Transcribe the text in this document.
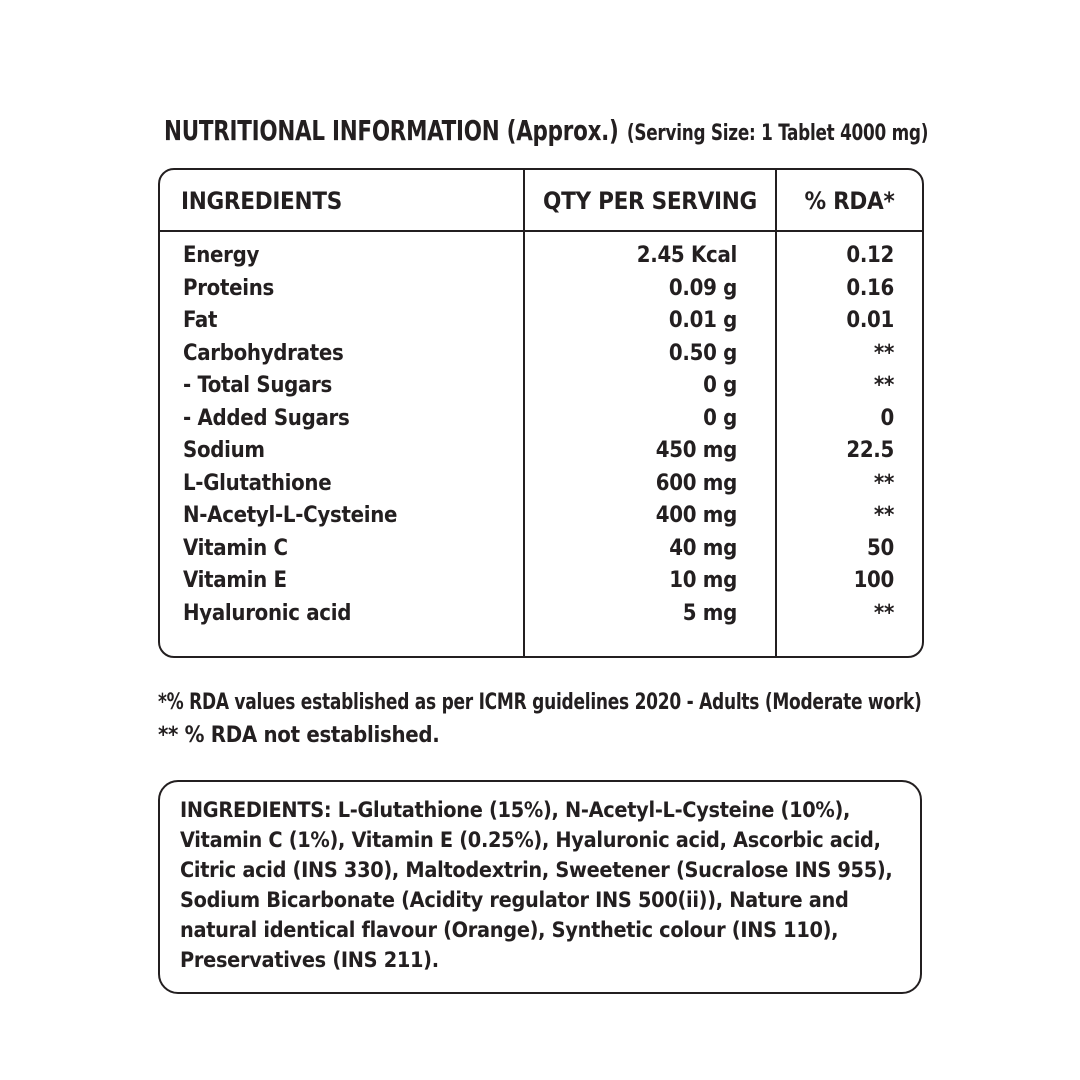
NUTRITIONAL INFORMATION (Approx.) (Serving Size: 1 Tablet 4000 mg)
INGREDIENTS	QTY PER SERVING	% RDA*
Energy	2.45 Kcal	0.12
Proteins	0.09 g	0.16
Fat	0.01 g	0.01
Carbohydrates	0.50 g	**
- Total Sugars	0 g	**
- Added Sugars	0 g	0
Sodium	450 mg	22.5
L-Glutathione	600 mg	**
N-Acetyl-L-Cysteine	400 mg	**
Vitamin C	40 mg	50
Vitamin E	10 mg	100
Hyaluronic acid	5 mg	**
*% RDA values established as per ICMR guidelines 2020 - Adults (Moderate work)
** % RDA not established.

INGREDIENTS: L-Glutathione (15%), N-Acetyl-L-Cysteine (10%), Vitamin C (1%), Vitamin E (0.25%), Hyaluronic acid, Ascorbic acid, Citric acid (INS 330), Maltodextrin, Sweetener (Sucralose INS 955), Sodium Bicarbonate (Acidity regulator INS 500(ii)), Nature and natural identical flavour (Orange), Synthetic colour (INS 110), Preservatives (INS 211).
